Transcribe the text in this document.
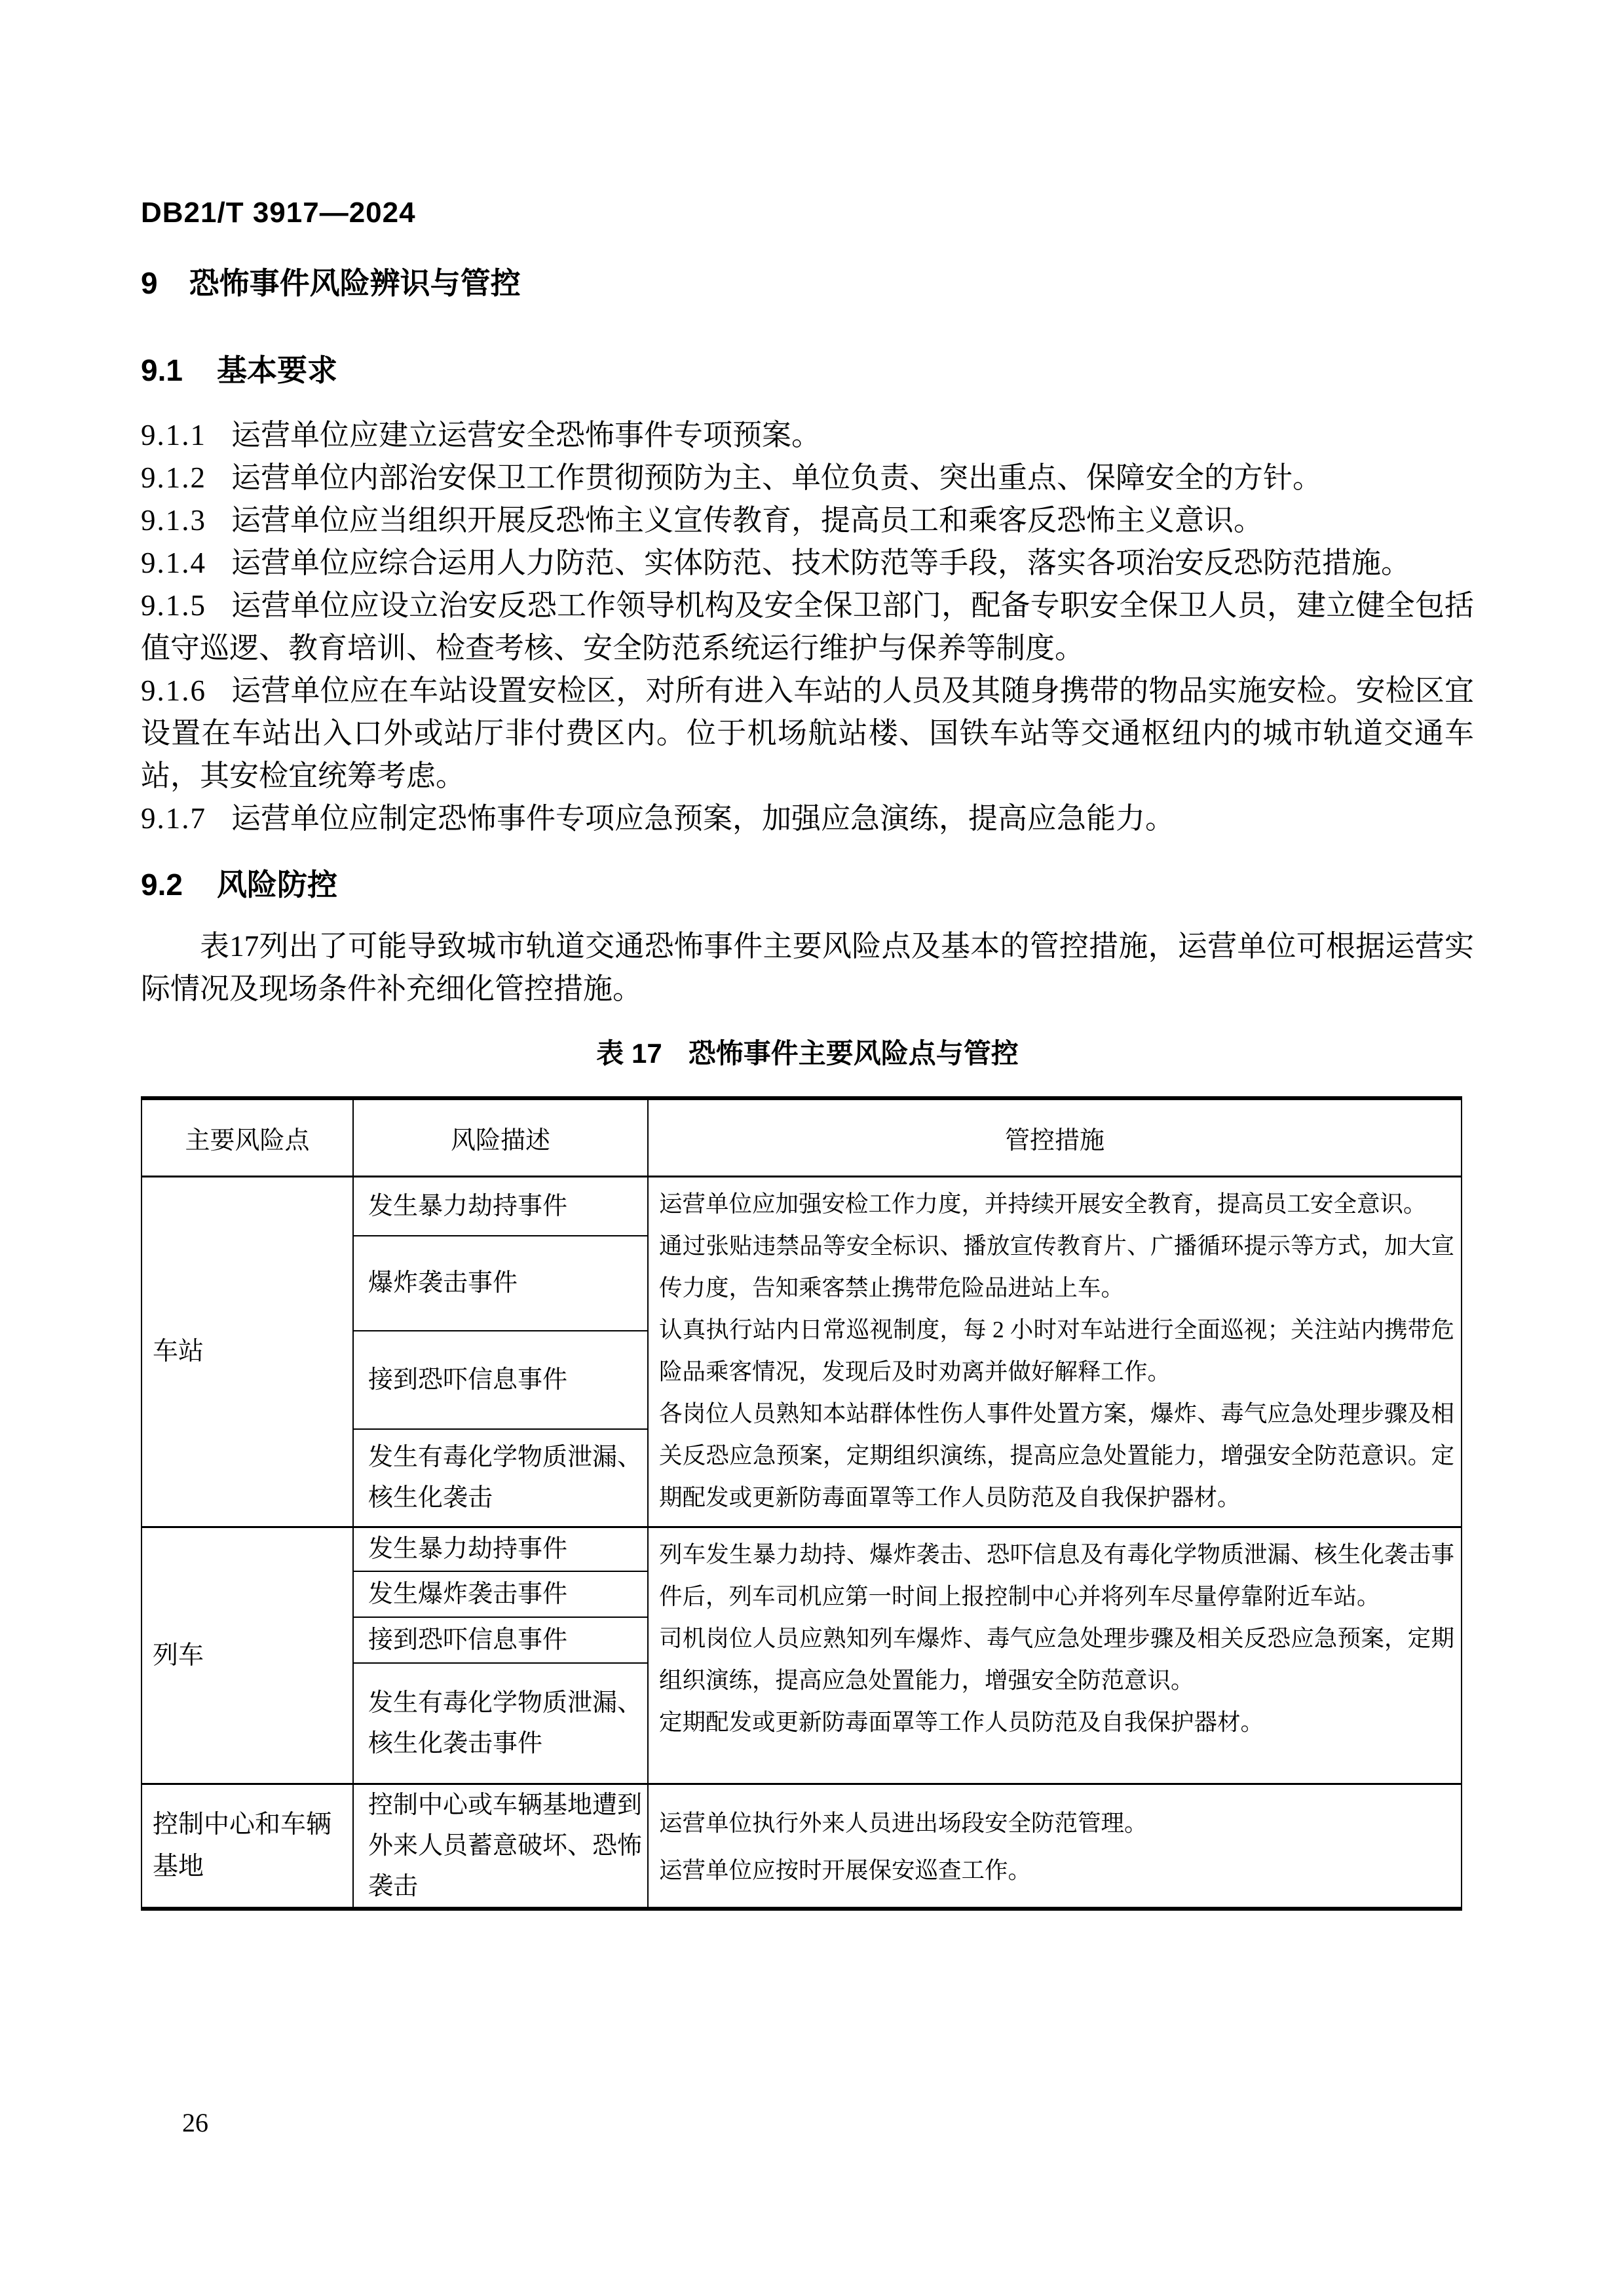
DB21/T 3917—2024
9 恐怖事件风险辨识与管控
9.1 基本要求

9.1.1 运营单位应建立运营安全恐怖事件专项预案。

9.1.2 运营单位内部治安保卫工作贯彻预防为主、单位负责、突出重点、保障安全的方针。

9.1.3 运营单位应当组织开展反恐怖主义宣传教育，提高员工和乘客反恐怖主义意识。

9.1.4 运营单位应综合运用人力防范、实体防范、技术防范等手段，落实各项治安反恐防范措施。

9.1.5 运营单位应设立治安反恐工作领导机构及安全保卫部门，配备专职安全保卫人员，建立健全包括值守巡逻、教育培训、检查考核、安全防范系统运行维护与保养等制度。

9.1.6 运营单位应在车站设置安检区，对所有进入车站的人员及其随身携带的物品实施安检。安检区宜设置在车站出入口外或站厅非付费区内。位于机场航站楼、国铁车站等交通枢纽内的城市轨道交通车站，其安检宜统筹考虑。

9.1.7 运营单位应制定恐怖事件专项应急预案，加强应急演练，提高应急能力。

9.2 风险防控

表17列出了可能导致城市轨道交通恐怖事件主要风险点及基本的管控措施，运营单位可根据运营实际情况及现场条件补充细化管控措施。

表 17 恐怖事件主要风险点与管控
主要风险点	风险描述	管控措施
车站	发生暴力劫持事件	运营单位应加强安检工作力度，并持续开展安全教育，提高员工安全意识。

通过张贴违禁品等安全标识、播放宣传教育片、广播循环提示等方式，加大宣传力度，告知乘客禁止携带危险品进站上车。

认真执行站内日常巡视制度，每 2 小时对车站进行全面巡视；关注站内携带危险品乘客情况，发现后及时劝离并做好解释工作。

各岗位人员熟知本站群体性伤人事件处置方案，爆炸、毒气应急处理步骤及相关反恐应急预案，定期组织演练，提高应急处置能力，增强安全防范意识。定期配发或更新防毒面罩等工作人员防范及自我保护器材。

	爆炸袭击事件	
	接到恐吓信息事件	
	发生有毒化学物质泄漏、核生化袭击	
列车	发生暴力劫持事件	列车发生暴力劫持、爆炸袭击、恐吓信息及有毒化学物质泄漏、核生化袭击事件后，列车司机应第一时间上报控制中心并将列车尽量停靠附近车站。

司机岗位人员应熟知列车爆炸、毒气应急处理步骤及相关反恐应急预案，定期组织演练，提高应急处置能力，增强安全防范意识。

定期配发或更新防毒面罩等工作人员防范及自我保护器材。

	发生爆炸袭击事件	
	接到恐吓信息事件	
	发生有毒化学物质泄漏、核生化袭击事件	
控制中心和车辆基地	控制中心或车辆基地遭到外来人员蓄意破坏、恐怖袭击	运营单位执行外来人员进出场段安全防范管理。

运营单位应按时开展保安巡查工作。

26
